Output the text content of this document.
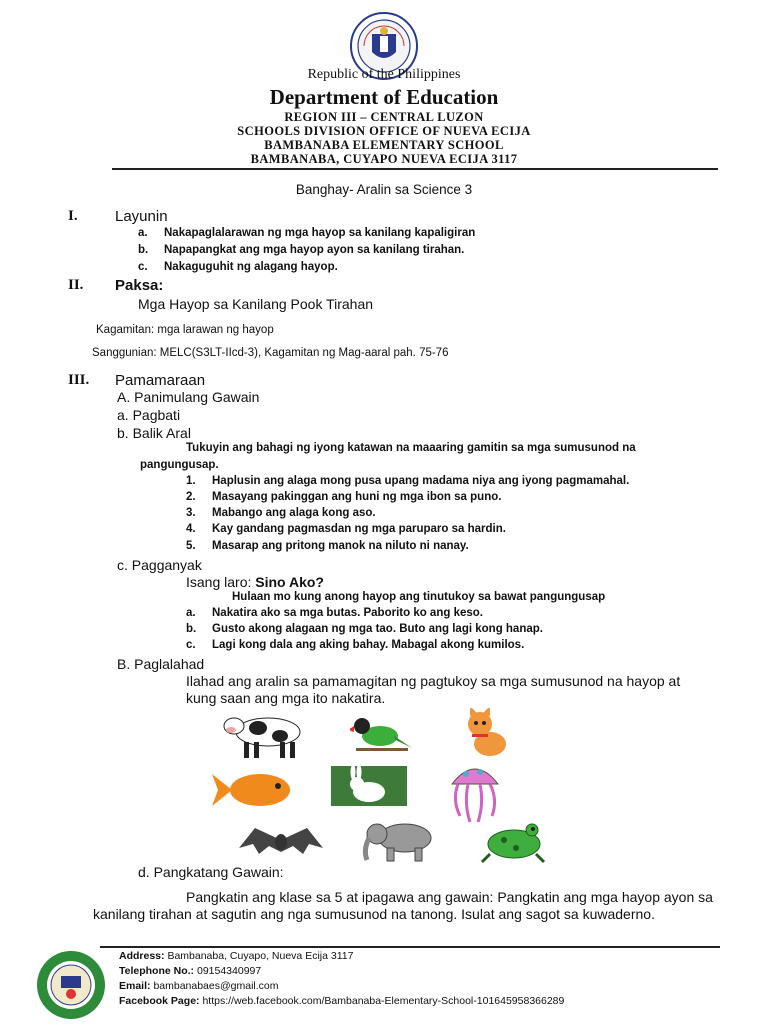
Republic of the Philippines
Department of Education
REGION III – CENTRAL LUZON
SCHOOLS DIVISION OFFICE OF NUEVA ECIJA
BAMBANABA ELEMENTARY SCHOOL
BAMBANABA, CUYAPO NUEVA ECIJA 3117
Banghay- Aralin sa Science 3
I. Layunin
a. Nakapaglalarawan ng mga hayop sa kanilang kapaligiran
b. Napapangkat ang mga hayop ayon sa kanilang tirahan.
c. Nakaguguhit ng alagang hayop.
II. Paksa:
Mga Hayop sa Kanilang Pook Tirahan
Kagamitan: mga larawan ng hayop
Sanggunian: MELC(S3LT-IIcd-3), Kagamitan ng Mag-aaral pah. 75-76
III. Pamamaraan
A. Panimulang Gawain
a. Pagbati
b. Balik Aral
Tukuyin ang bahagi ng iyong katawan na maaaring gamitin sa mga sumusunod na
pangungusap.
1. Haplusin ang alaga mong pusa upang madama niya ang iyong pagmamahal.
2. Masayang pakinggan ang huni ng mga ibon sa puno.
3. Mabango ang alaga kong aso.
4. Kay gandang pagmasdan ng mga paruparo sa hardin.
5. Masarap ang pritong manok na niluto ni nanay.
c. Pagganyak
Isang laro: Sino Ako?
Hulaan mo kung anong hayop ang tinutukoy sa bawat pangungusap
a. Nakatira ako sa mga butas. Paborito ko ang keso.
b. Gusto akong alagaan ng mga tao. Buto ang lagi kong hanap.
c. Lagi kong dala ang aking bahay. Mabagal akong kumilos.
B. Paglalahad
Ilahad ang aralin sa pamamagitan ng pagtukoy sa mga sumusunod na hayop at
kung saan ang mga ito nakatira.
d. Pangkatang Gawain:
Pangkatin ang klase sa 5 at ipagawa ang gawain: Pangkatin ang mga hayop ayon sa
kanilang tirahan at sagutin ang nga sumusunod na tanong. Isulat ang sagot sa kuwaderno.
Address: Bambanaba, Cuyapo, Nueva Ecija 3117
Telephone No.: 09154340997
Email: bambanabaes@gmail.com
Facebook Page: https://web.facebook.com/Bambanaba-Elementary-School-101645958366289
